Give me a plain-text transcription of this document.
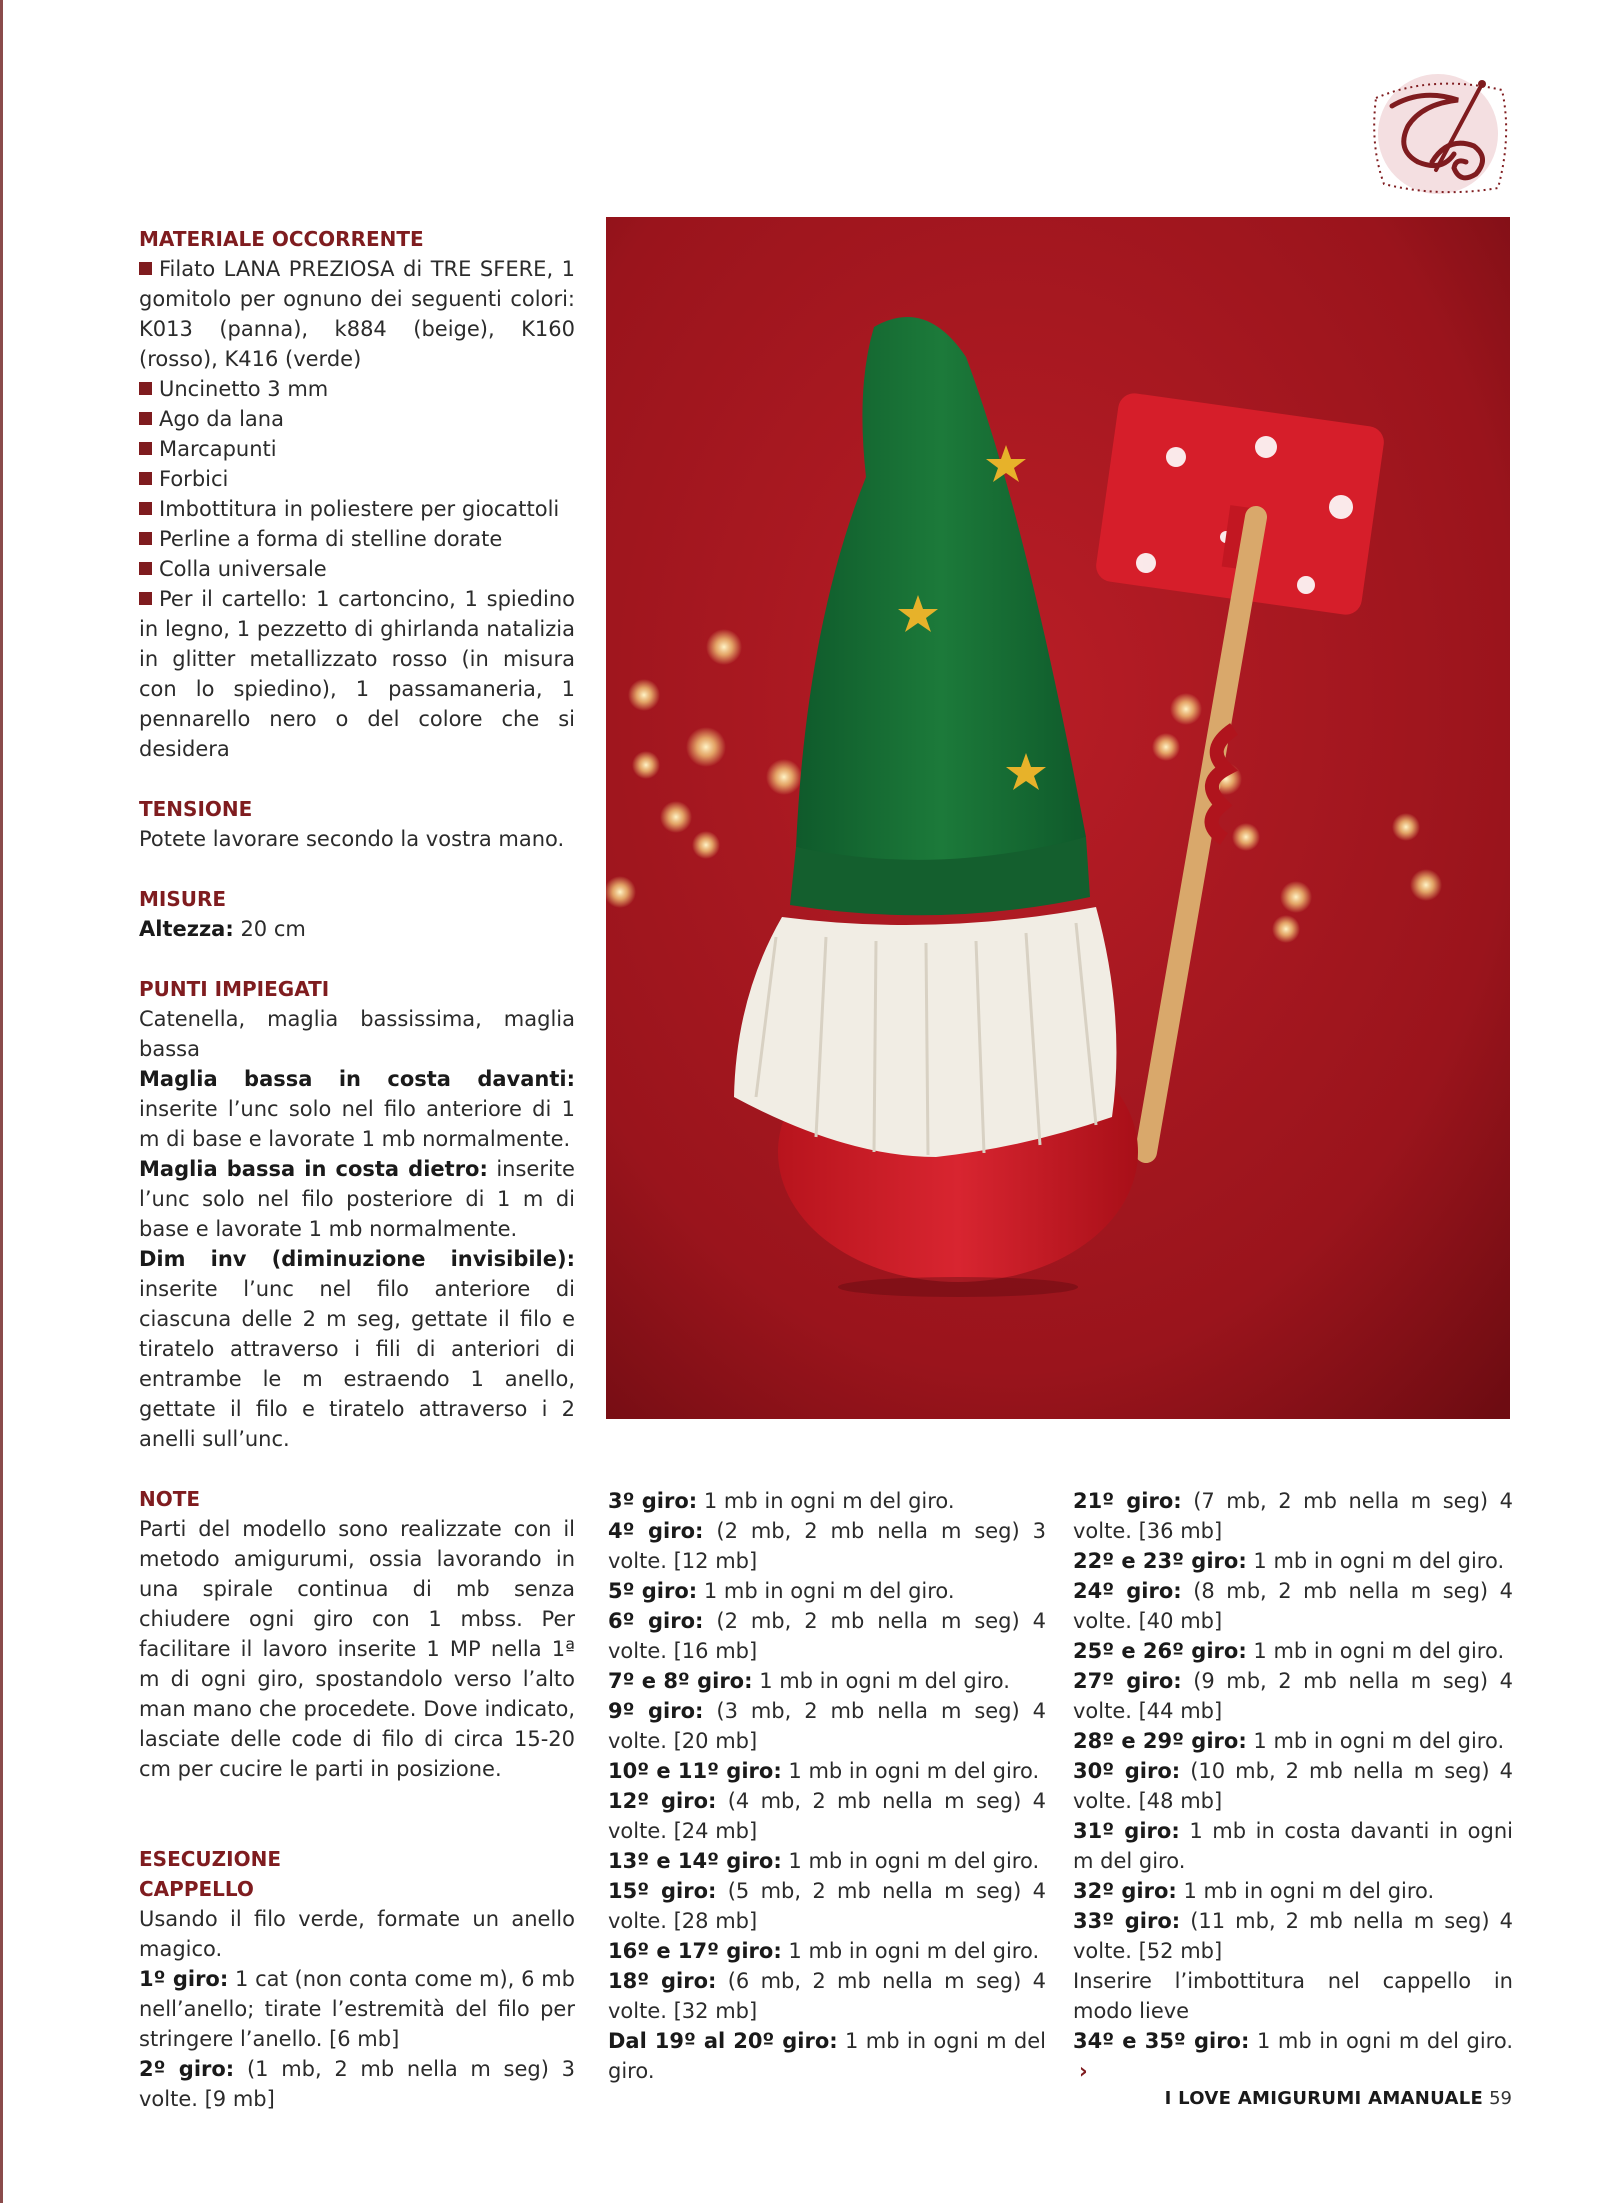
MATERIALE OCCORRENTE

Filato LANA PREZIOSA di TRE SFERE, 1 gomitolo per ognuno dei seguenti colori: K013 (panna), k884 (beige), K160 (rosso), K416 (verde)

Uncinetto 3 mm

Ago da lana

Marcapunti

Forbici

Imbottitura in poliestere per giocattoli

Perline a forma di stelline dorate

Colla universale

Per il cartello: 1 cartoncino, 1 spiedino in legno, 1 pezzetto di ghirlanda natalizia in glitter metallizzato rosso (in misura con lo spiedino), 1 passamaneria, 1 pennarello nero o del colore che si desidera

TENSIONE

Potete lavorare secondo la vostra mano.

MISURE

Altezza: 20 cm

PUNTI IMPIEGATI

Catenella, maglia bassissima, maglia bassa

Maglia bassa in costa davanti: inserite l’unc solo nel filo anteriore di 1 m di base e lavorate 1 mb normalmente.

Maglia bassa in costa dietro: inserite l’unc solo nel filo posteriore di 1 m di base e lavorate 1 mb normalmente.

Dim inv (diminuzione invisibile): inserite l’unc nel filo anteriore di ciascuna delle 2 m seg, gettate il filo e tiratelo attraverso i fili di anteriori di entrambe le m estraendo 1 anello, gettate il filo e tiratelo attraverso i 2 anelli sull’unc.

NOTE

Parti del modello sono realizzate con il metodo amigurumi, ossia lavorando in una spirale continua di mb senza chiudere ogni giro con 1 mbss. Per facilitare il lavoro inserite 1 MP nella 1ª m di ogni giro, spostandolo verso l’alto man mano che procedete. Dove indicato, lasciate delle code di filo di circa 15-20 cm per cucire le parti in posizione.

ESECUZIONE

CAPPELLO

Usando il filo verde, formate un anello magico.

1º giro: 1 cat (non conta come m), 6 mb nell’anello; tirate l’estremità del filo per stringere l’anello. [6 mb]

2º giro: (1 mb, 2 mb nella m seg) 3 volte. [9 mb]

3º giro: 1 mb in ogni m del giro.

4º giro: (2 mb, 2 mb nella m seg) 3 volte. [12 mb]

5º giro: 1 mb in ogni m del giro.

6º giro: (2 mb, 2 mb nella m seg) 4 volte. [16 mb]

7º e 8º giro: 1 mb in ogni m del giro.

9º giro: (3 mb, 2 mb nella m seg) 4 volte. [20 mb]

10º e 11º giro: 1 mb in ogni m del giro.

12º giro: (4 mb, 2 mb nella m seg) 4 volte. [24 mb]

13º e 14º giro: 1 mb in ogni m del giro.

15º giro: (5 mb, 2 mb nella m seg) 4 volte. [28 mb]

16º e 17º giro: 1 mb in ogni m del giro.

18º giro: (6 mb, 2 mb nella m seg) 4 volte. [32 mb]

Dal 19º al 20º giro: 1 mb in ogni m del giro.

21º giro: (7 mb, 2 mb nella m seg) 4 volte. [36 mb]

22º e 23º giro: 1 mb in ogni m del giro.

24º giro: (8 mb, 2 mb nella m seg) 4 volte. [40 mb]

25º e 26º giro: 1 mb in ogni m del giro.

27º giro: (9 mb, 2 mb nella m seg) 4 volte. [44 mb]

28º e 29º giro: 1 mb in ogni m del giro.

30º giro: (10 mb, 2 mb nella m seg) 4 volte. [48 mb]

31º giro: 1 mb in costa davanti in ogni m del giro.

32º giro: 1 mb in ogni m del giro.

33º giro: (11 mb, 2 mb nella m seg) 4 volte. [52 mb]

Inserire l’imbottitura nel cappello in modo lieve

34º e 35º giro: 1 mb in ogni m del giro.›

I LOVE AMIGURUMI AMANUALE 59
